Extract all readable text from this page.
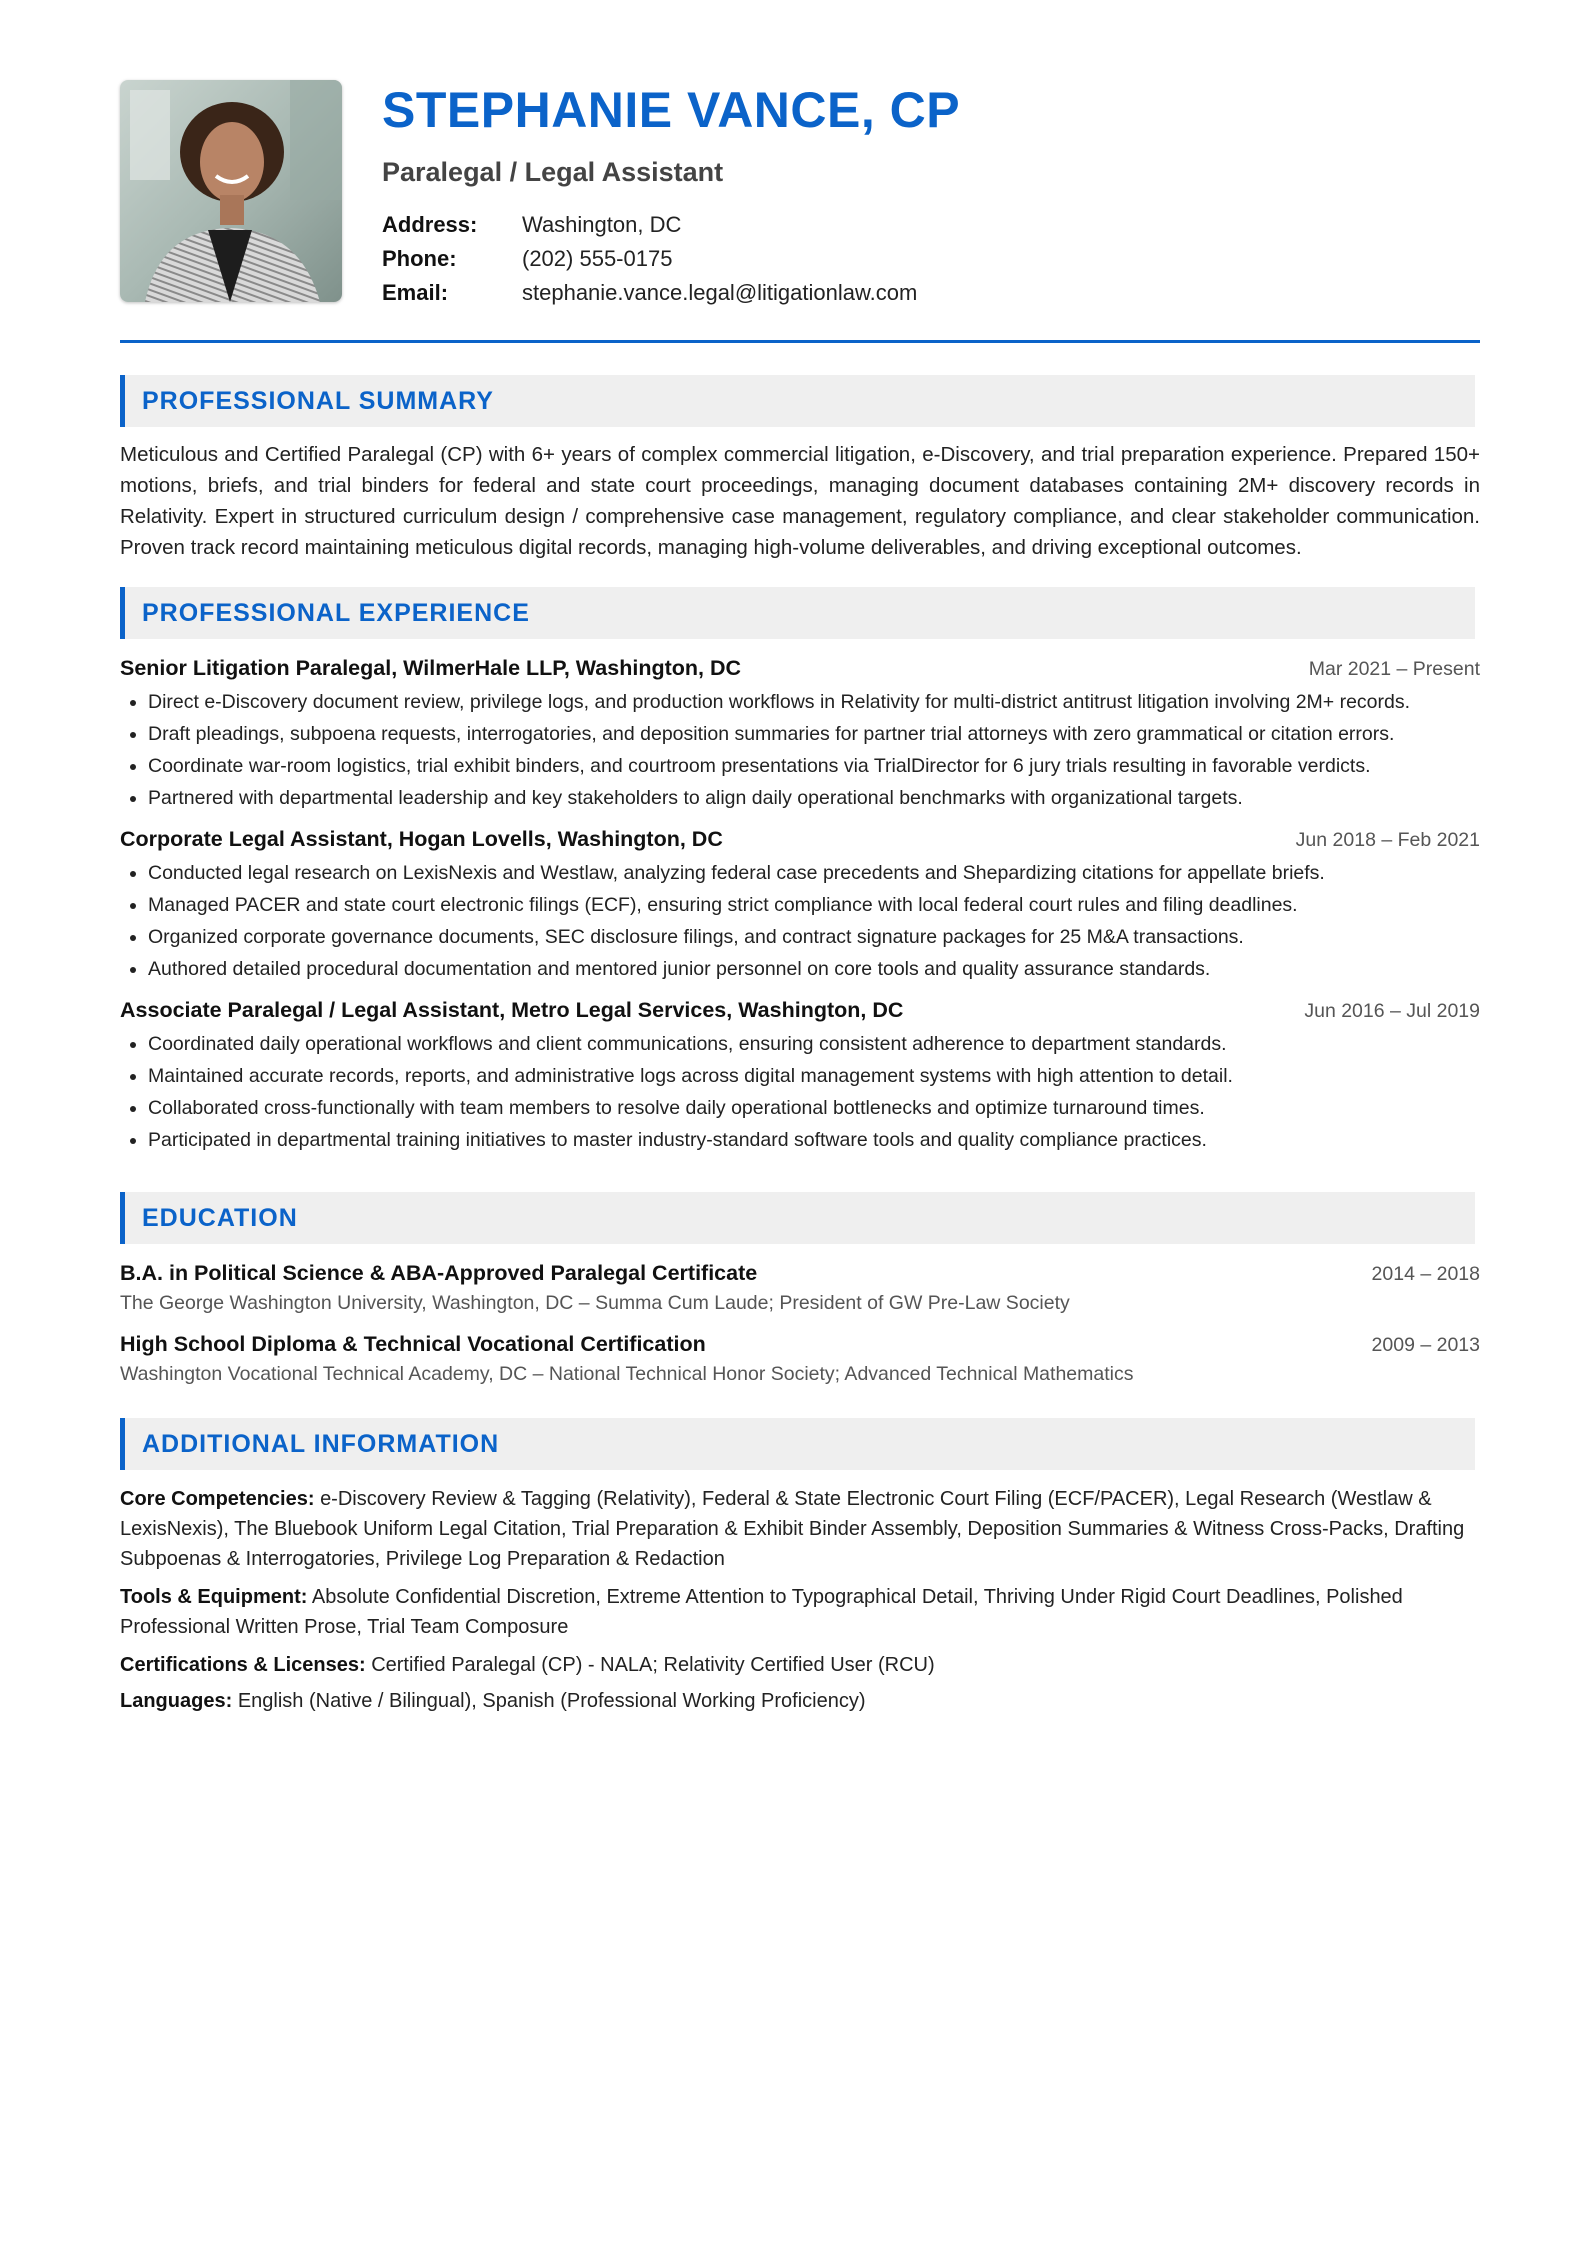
STEPHANIE VANCE, CP
Paralegal / Legal Assistant
Address:	Washington, DC
Phone:	(202) 555-0175
Email:	stephanie.vance.legal@litigationlaw.com
PROFESSIONAL SUMMARY
Meticulous and Certified Paralegal (CP) with 6+ years of complex commercial litigation, e-Discovery, and trial preparation experience. Prepared 150+ motions, briefs, and trial binders for federal and state court proceedings, managing document databases containing 2M+ discovery records in Relativity. Expert in structured curriculum design / comprehensive case management, regulatory compliance, and clear stakeholder communication. Proven track record maintaining meticulous digital records, managing high-volume deliverables, and driving exceptional outcomes.
PROFESSIONAL EXPERIENCE
Senior Litigation Paralegal, WilmerHale LLP, Washington, DC	Mar 2021 – Present
• Direct e-Discovery document review, privilege logs, and production workflows in Relativity for multi-district antitrust litigation involving 2M+ records.
• Draft pleadings, subpoena requests, interrogatories, and deposition summaries for partner trial attorneys with zero grammatical or citation errors.
• Coordinate war-room logistics, trial exhibit binders, and courtroom presentations via TrialDirector for 6 jury trials resulting in favorable verdicts.
• Partnered with departmental leadership and key stakeholders to align daily operational benchmarks with organizational targets.
Corporate Legal Assistant, Hogan Lovells, Washington, DC	Jun 2018 – Feb 2021
• Conducted legal research on LexisNexis and Westlaw, analyzing federal case precedents and Shepardizing citations for appellate briefs.
• Managed PACER and state court electronic filings (ECF), ensuring strict compliance with local federal court rules and filing deadlines.
• Organized corporate governance documents, SEC disclosure filings, and contract signature packages for 25 M&A transactions.
• Authored detailed procedural documentation and mentored junior personnel on core tools and quality assurance standards.
Associate Paralegal / Legal Assistant, Metro Legal Services, Washington, DC	Jun 2016 – Jul 2019
• Coordinated daily operational workflows and client communications, ensuring consistent adherence to department standards.
• Maintained accurate records, reports, and administrative logs across digital management systems with high attention to detail.
• Collaborated cross-functionally with team members to resolve daily operational bottlenecks and optimize turnaround times.
• Participated in departmental training initiatives to master industry-standard software tools and quality compliance practices.
EDUCATION
B.A. in Political Science & ABA-Approved Paralegal Certificate	2014 – 2018
The George Washington University, Washington, DC – Summa Cum Laude; President of GW Pre-Law Society
High School Diploma & Technical Vocational Certification	2009 – 2013
Washington Vocational Technical Academy, DC – National Technical Honor Society; Advanced Technical Mathematics
ADDITIONAL INFORMATION
Core Competencies: e-Discovery Review & Tagging (Relativity), Federal & State Electronic Court Filing (ECF/PACER), Legal Research (Westlaw & LexisNexis), The Bluebook Uniform Legal Citation, Trial Preparation & Exhibit Binder Assembly, Deposition Summaries & Witness Cross-Packs, Drafting Subpoenas & Interrogatories, Privilege Log Preparation & Redaction
Tools & Equipment: Absolute Confidential Discretion, Extreme Attention to Typographical Detail, Thriving Under Rigid Court Deadlines, Polished Professional Written Prose, Trial Team Composure
Certifications & Licenses: Certified Paralegal (CP) - NALA; Relativity Certified User (RCU)
Languages: English (Native / Bilingual), Spanish (Professional Working Proficiency)
